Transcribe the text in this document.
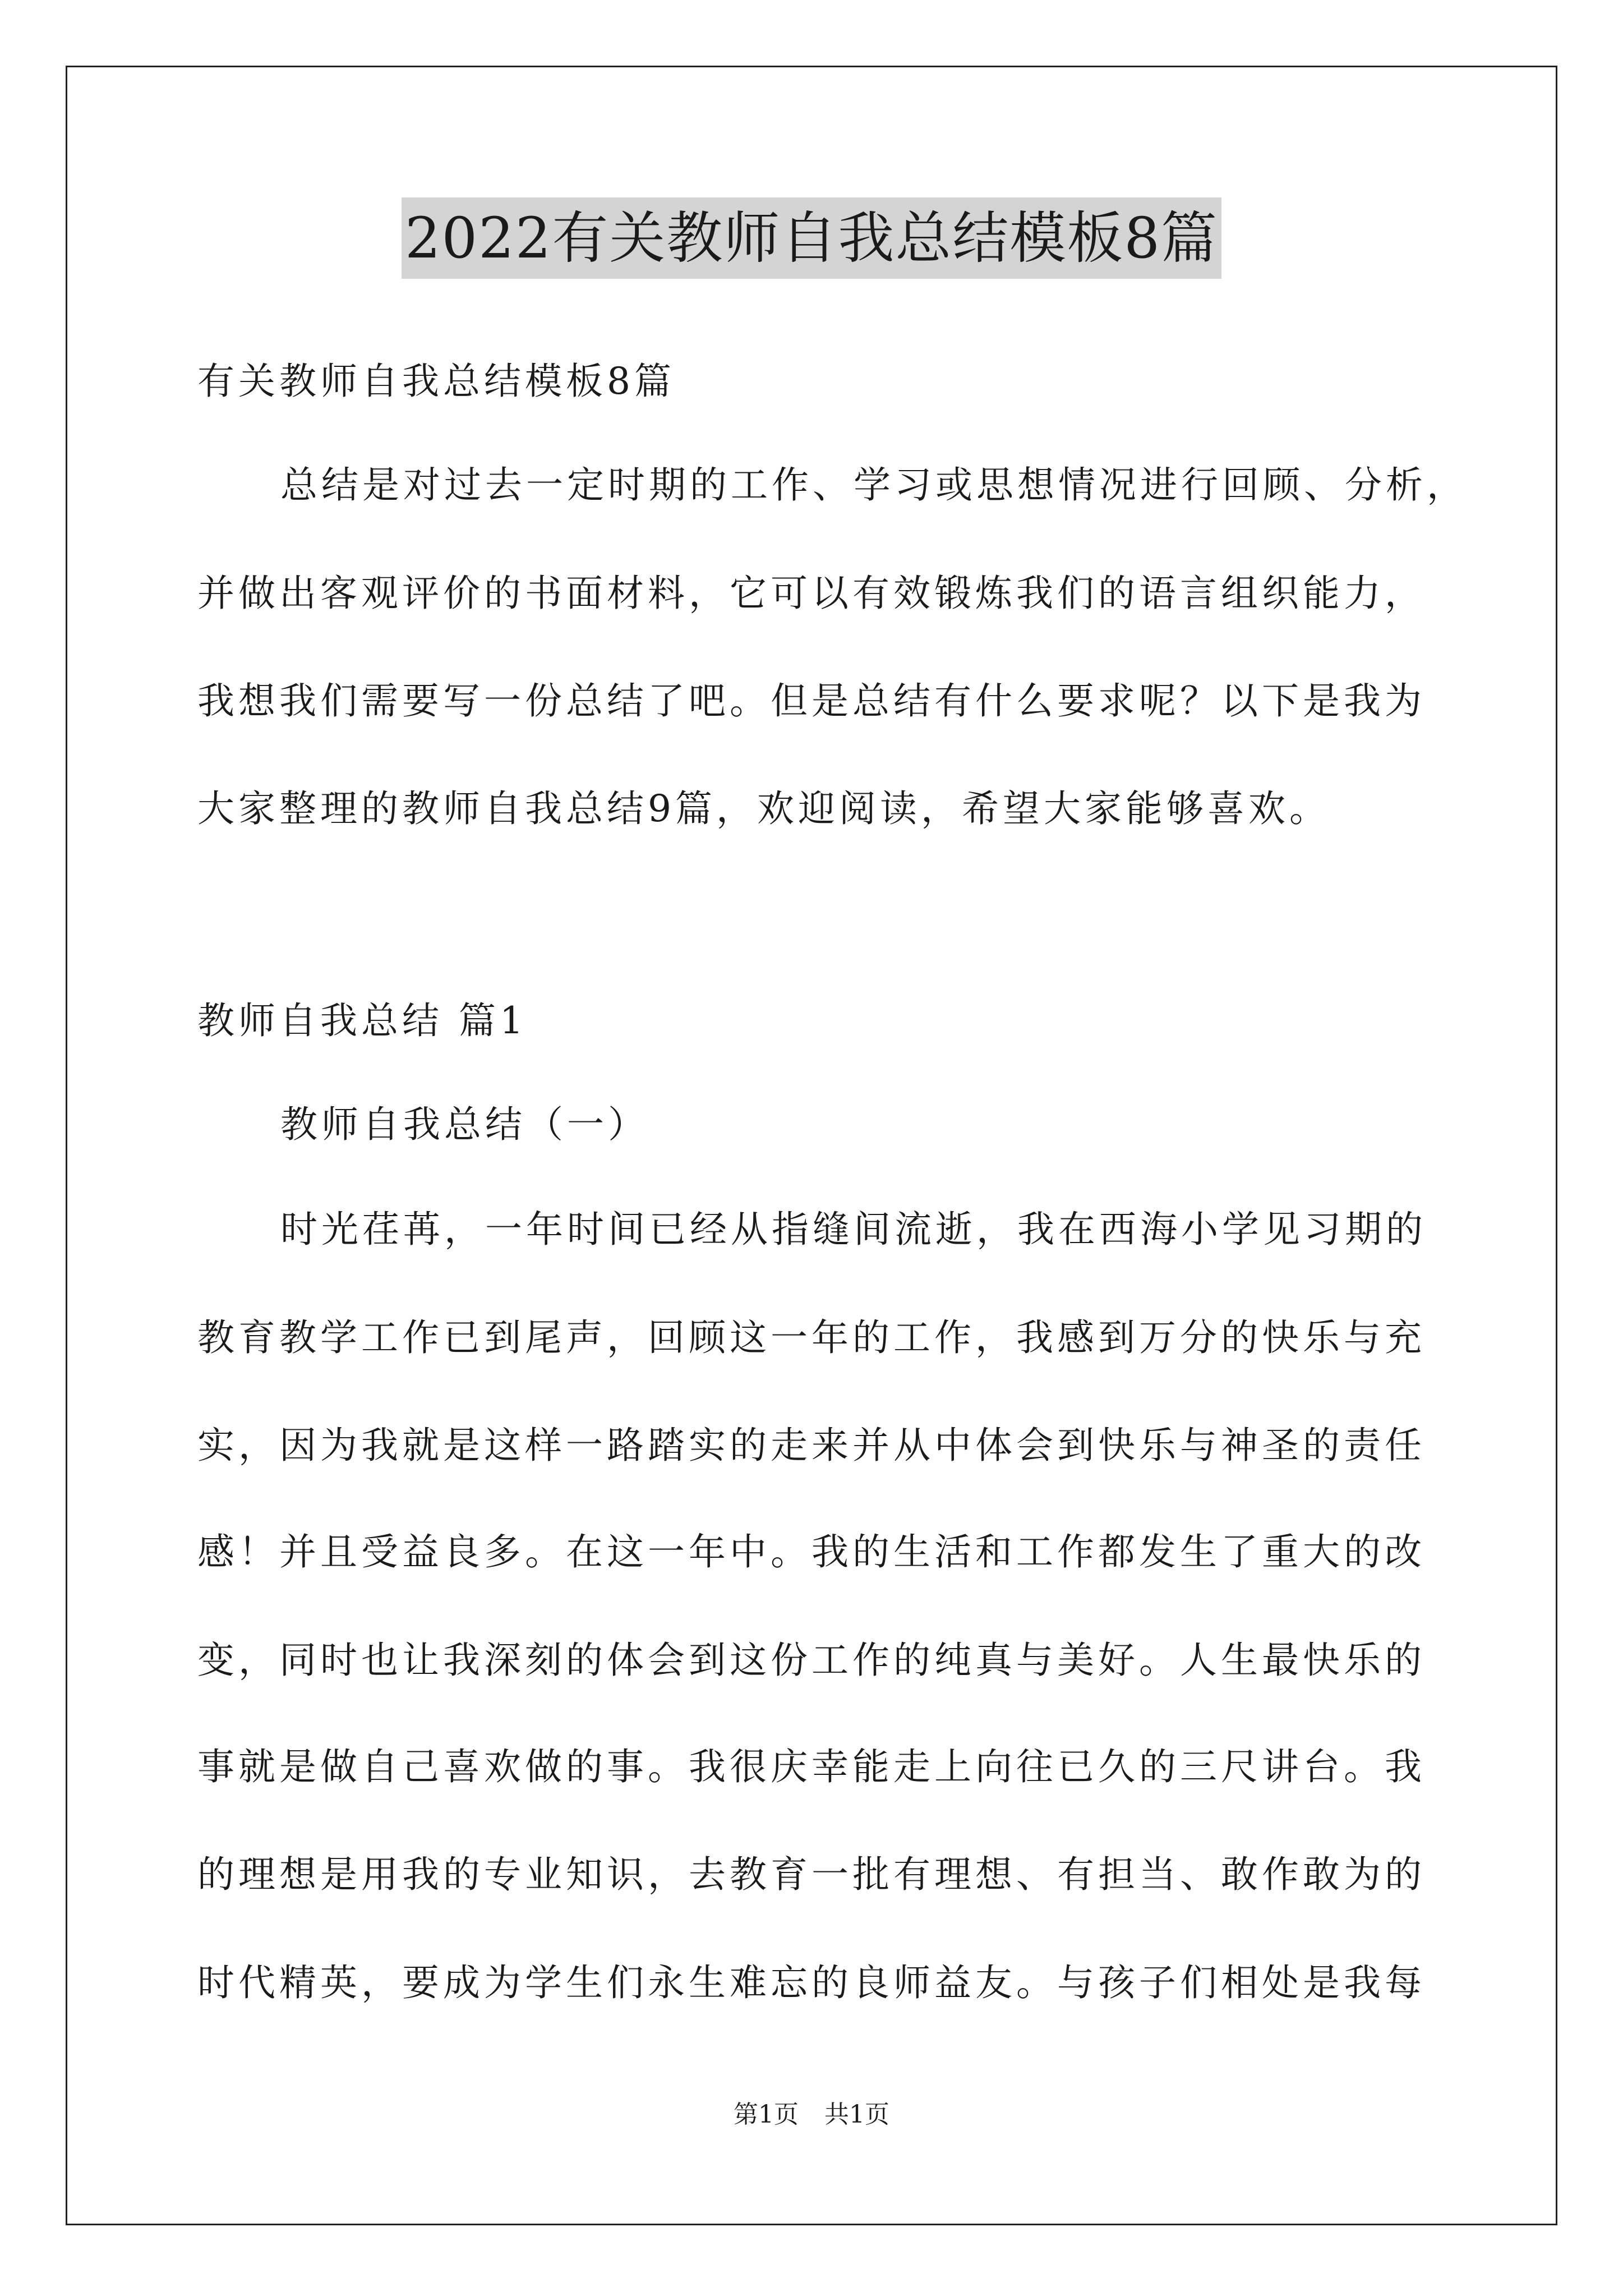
2022有关教师自我总结模板8篇
有关教师自我总结模板8篇
总结是对过去一定时期的工作、学习或思想情况进行回顾、分析，
并做出客观评价的书面材料，它可以有效锻炼我们的语言组织能力，
我想我们需要写一份总结了吧。但是总结有什么要求呢？以下是我为
大家整理的教师自我总结9篇，欢迎阅读，希望大家能够喜欢。
教师自我总结 篇1
教师自我总结（一）
时光荏苒，一年时间已经从指缝间流逝，我在西海小学见习期的
教育教学工作已到尾声，回顾这一年的工作，我感到万分的快乐与充
实，因为我就是这样一路踏实的走来并从中体会到快乐与神圣的责任
感！并且受益良多。在这一年中。我的生活和工作都发生了重大的改
变，同时也让我深刻的体会到这份工作的纯真与美好。人生最快乐的
事就是做自己喜欢做的事。我很庆幸能走上向往已久的三尺讲台。我
的理想是用我的专业知识，去教育一批有理想、有担当、敢作敢为的
时代精英，要成为学生们永生难忘的良师益友。与孩子们相处是我每
第1页 共1页
